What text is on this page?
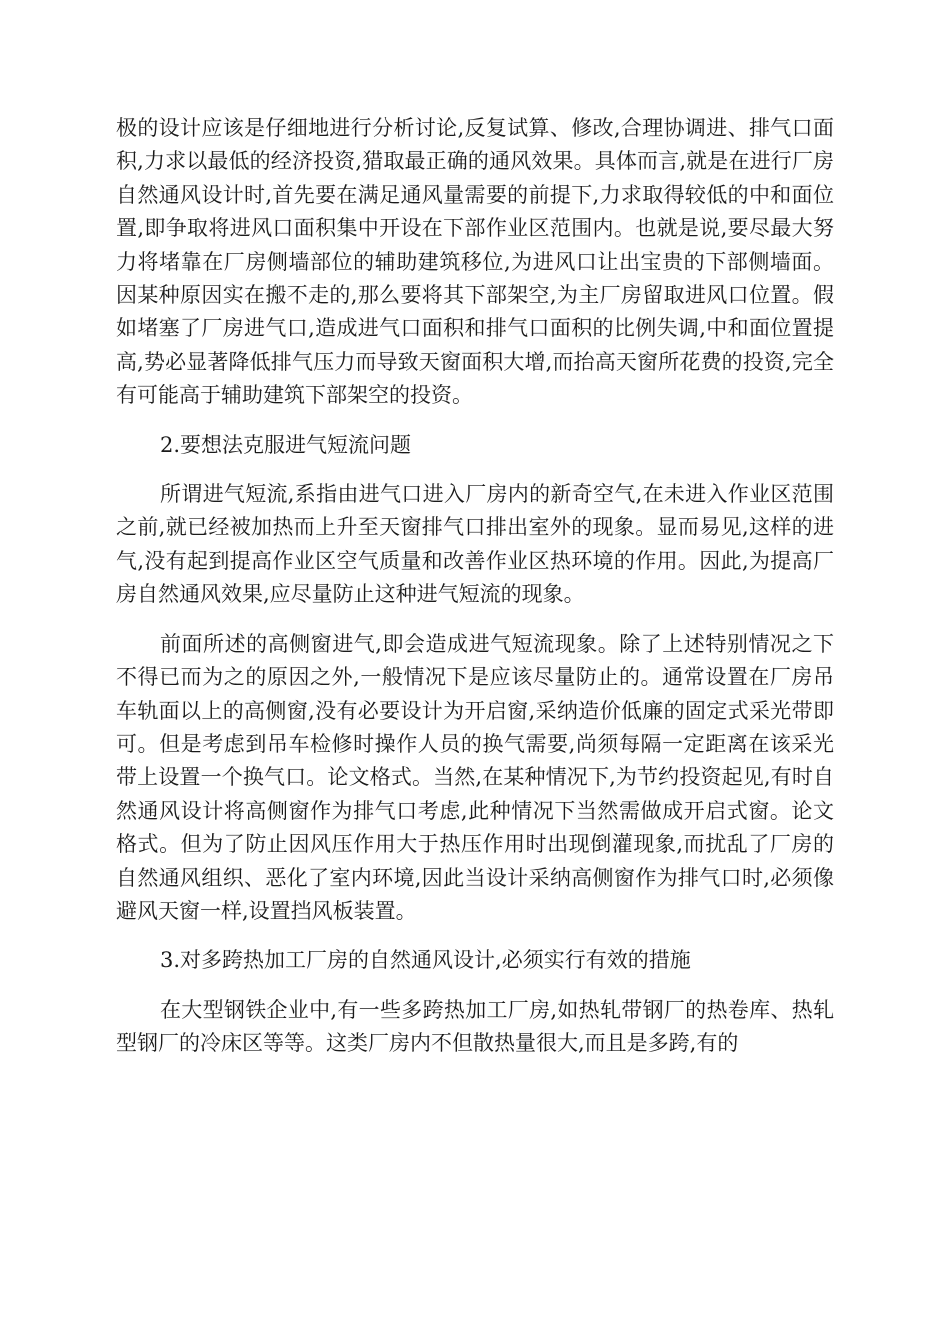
极的设计应该是仔细地进行分析讨论,反复试算、修改,合理协调进、排气口面积,力求以最低的经济投资,猎取最正确的通风效果。具体而言,就是在进行厂房自然通风设计时,首先要在满足通风量需要的前提下,力求取得较低的中和面位置,即争取将进风口面积集中开设在下部作业区范围内。也就是说,要尽最大努力将堵靠在厂房侧墙部位的辅助建筑移位,为进风口让出宝贵的下部侧墙面。因某种原因实在搬不走的,那么要将其下部架空,为主厂房留取进风口位置。假如堵塞了厂房进气口,造成进气口面积和排气口面积的比例失调,中和面位置提高,势必显著降低排气压力而导致天窗面积大增,而抬高天窗所花费的投资,完全有可能高于辅助建筑下部架空的投资。

2.要想法克服进气短流问题

所谓进气短流,系指由进气口进入厂房内的新奇空气,在未进入作业区范围之前,就已经被加热而上升至天窗排气口排出室外的现象。显而易见,这样的进气,没有起到提高作业区空气质量和改善作业区热环境的作用。因此,为提高厂房自然通风效果,应尽量防止这种进气短流的现象。

前面所述的高侧窗进气,即会造成进气短流现象。除了上述特别情况之下不得已而为之的原因之外,一般情况下是应该尽量防止的。通常设置在厂房吊车轨面以上的高侧窗,没有必要设计为开启窗,采纳造价低廉的固定式采光带即可。但是考虑到吊车检修时操作人员的换气需要,尚须每隔一定距离在该采光带上设置一个换气口。论文格式。当然,在某种情况下,为节约投资起见,有时自然通风设计将高侧窗作为排气口考虑,此种情况下当然需做成开启式窗。论文格式。但为了防止因风压作用大于热压作用时出现倒灌现象,而扰乱了厂房的自然通风组织、恶化了室内环境,因此当设计采纳高侧窗作为排气口时,必须像避风天窗一样,设置挡风板装置。

3.对多跨热加工厂房的自然通风设计,必须实行有效的措施

在大型钢铁企业中,有一些多跨热加工厂房,如热轧带钢厂的热卷库、热轧型钢厂的冷床区等等。这类厂房内不但散热量很大,而且是多跨,有的
